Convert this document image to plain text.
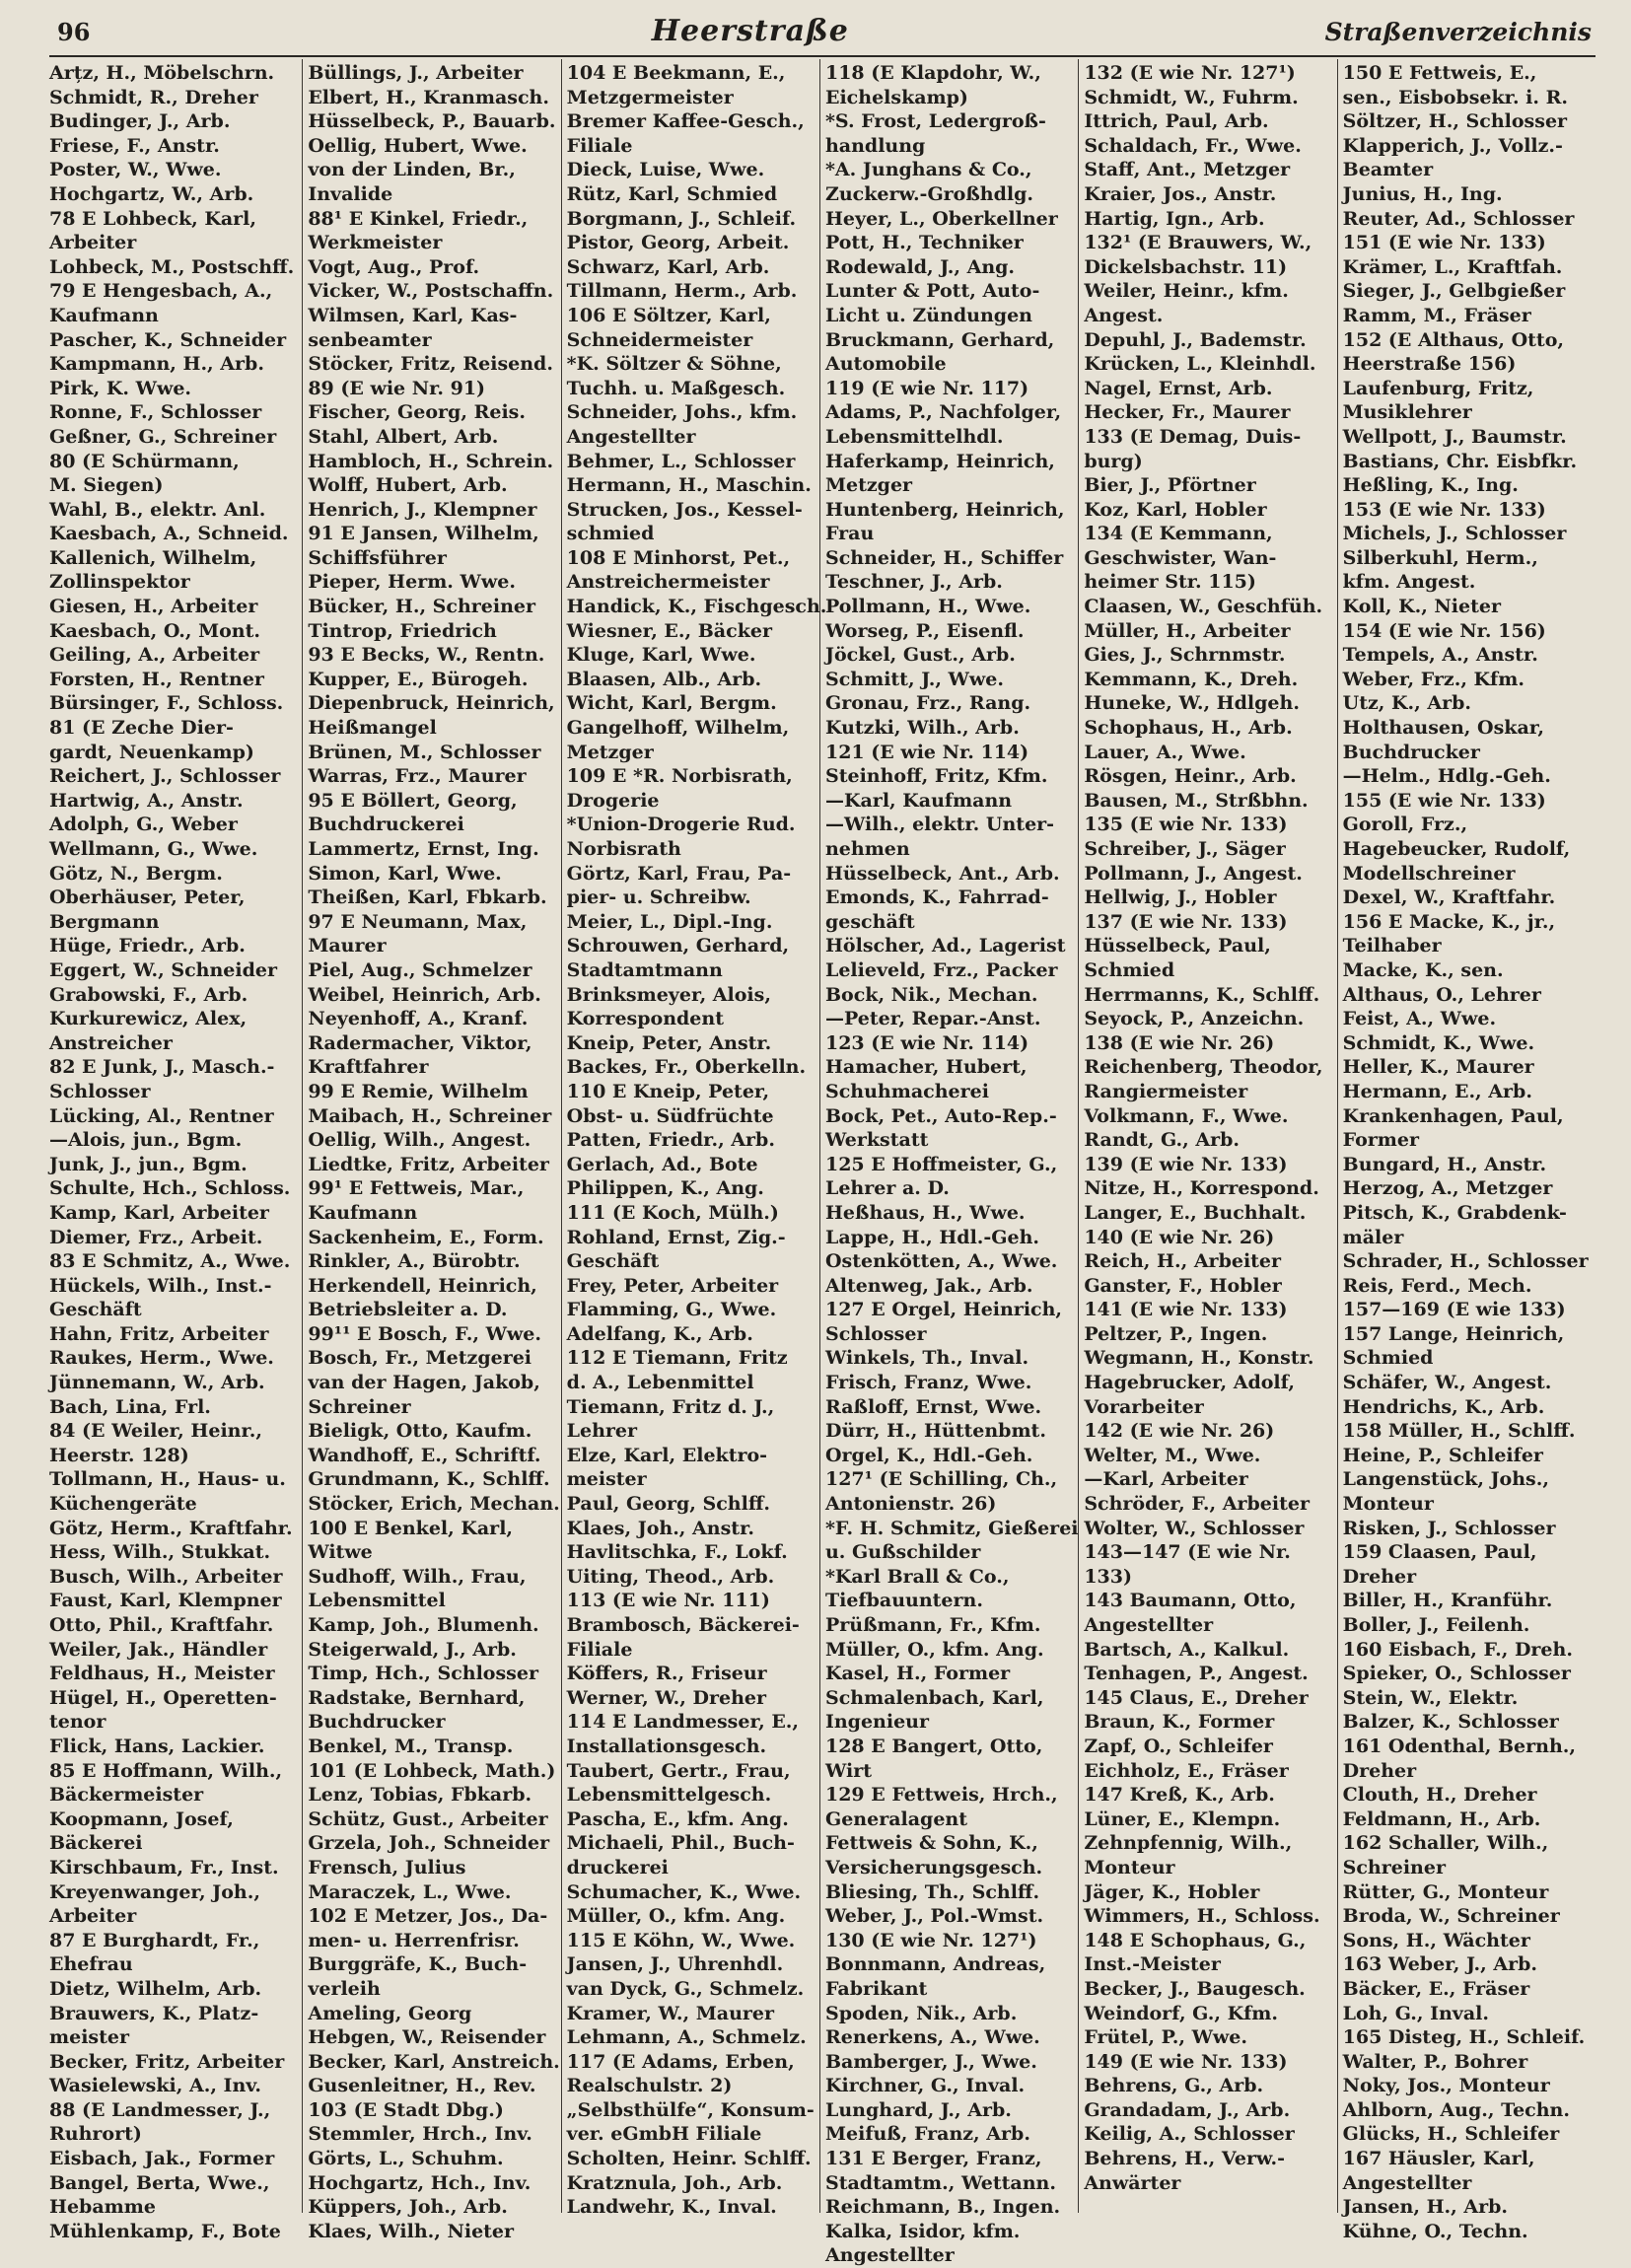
96	Heerstraße	Straßenverzeichnis
Arțz, H., Möbelschrn.
Schmidt, R., Dreher
Budinger, J., Arb.
Friese, F., Anstr.
Poster, W., Wwe.
Hochgartz, W., Arb.
78 E Lohbeck, Karl,
Arbeiter
Lohbeck, M., Postschff.
79 E Hengesbach, A.,
Kaufmann
Pascher, K., Schneider
Kampmann, H., Arb.
Pirk, K. Wwe.
Ronne, F., Schlosser
Geßner, G., Schreiner
80 (E Schürmann,
M. Siegen)
Wahl, B., elektr. Anl.
Kaesbach, A., Schneid.
Kallenich, Wilhelm,
Zollinspektor
Giesen, H., Arbeiter
Kaesbach, O., Mont.
Geiling, A., Arbeiter
Forsten, H., Rentner
Bürsinger, F., Schloss.
81 (E Zeche Dier-
gardt, Neuenkamp)
Reichert, J., Schlosser
Hartwig, A., Anstr.
Adolph, G., Weber
Wellmann, G., Wwe.
Götz, N., Bergm.
Oberhäuser, Peter,
Bergmann
Hüge, Friedr., Arb.
Eggert, W., Schneider
Grabowski, F., Arb.
Kurkurewicz, Alex,
Anstreicher
82 E Junk, J., Masch.-
Schlosser
Lücking, Al., Rentner
—Alois, jun., Bgm.
Junk, J., jun., Bgm.
Schulte, Hch., Schloss.
Kamp, Karl, Arbeiter
Diemer, Frz., Arbeit.
83 E Schmitz, A., Wwe.
Hückels, Wilh., Inst.-
Geschäft
Hahn, Fritz, Arbeiter
Raukes, Herm., Wwe.
Jünnemann, W., Arb.
Bach, Lina, Frl.
84 (E Weiler, Heinr.,
Heerstr. 128)
Tollmann, H., Haus- u.
Küchengeräte
Götz, Herm., Kraftfahr.
Hess, Wilh., Stukkat.
Busch, Wilh., Arbeiter
Faust, Karl, Klempner
Otto, Phil., Kraftfahr.
Weiler, Jak., Händler
Feldhaus, H., Meister
Hügel, H., Operetten-
tenor
Flick, Hans, Lackier.
85 E Hoffmann, Wilh.,
Bäckermeister
Koopmann, Josef,
Bäckerei
Kirschbaum, Fr., Inst.
Kreyenwanger, Joh.,
Arbeiter
87 E Burghardt, Fr.,
Ehefrau
Dietz, Wilhelm, Arb.
Brauwers, K., Platz-
meister
Becker, Fritz, Arbeiter
Wasielewski, A., Inv.
88 (E Landmesser, J.,
Ruhrort)
Eisbach, Jak., Former
Bangel, Berta, Wwe.,
Hebamme
Mühlenkamp, F., Bote
Büllings, J., Arbeiter
Elbert, H., Kranmasch.
Hüsselbeck, P., Bauarb.
Oellig, Hubert, Wwe.
von der Linden, Br.,
Invalide
88¹ E Kinkel, Friedr.,
Werkmeister
Vogt, Aug., Prof.
Vicker, W., Postschaffn.
Wilmsen, Karl, Kas-
senbeamter
Stöcker, Fritz, Reisend.
89 (E wie Nr. 91)
Fischer, Georg, Reis.
Stahl, Albert, Arb.
Hambloch, H., Schrein.
Wolff, Hubert, Arb.
Henrich, J., Klempner
91 E Jansen, Wilhelm,
Schiffsführer
Pieper, Herm. Wwe.
Bücker, H., Schreiner
Tintrop, Friedrich
93 E Becks, W., Rentn.
Kupper, E., Bürogeh.
Diepenbruck, Heinrich,
Heißmangel
Brünen, M., Schlosser
Warras, Frz., Maurer
95 E Böllert, Georg,
Buchdruckerei
Lammertz, Ernst, Ing.
Simon, Karl, Wwe.
Theißen, Karl, Fbkarb.
97 E Neumann, Max,
Maurer
Piel, Aug., Schmelzer
Weibel, Heinrich, Arb.
Neyenhoff, A., Kranf.
Radermacher, Viktor,
Kraftfahrer
99 E Remie, Wilhelm
Maibach, H., Schreiner
Oellig, Wilh., Angest.
Liedtke, Fritz, Arbeiter
99¹ E Fettweis, Mar.,
Kaufmann
Sackenheim, E., Form.
Rinkler, A., Bürobtr.
Herkendell, Heinrich,
Betriebsleiter a. D.
99¹¹ E Bosch, F., Wwe.
Bosch, Fr., Metzgerei
van der Hagen, Jakob,
Schreiner
Bieligk, Otto, Kaufm.
Wandhoff, E., Schriftf.
Grundmann, K., Schlff.
Stöcker, Erich, Mechan.
100 E Benkel, Karl,
Witwe
Sudhoff, Wilh., Frau,
Lebensmittel
Kamp, Joh., Blumenh.
Steigerwald, J., Arb.
Timp, Hch., Schlosser
Radstake, Bernhard,
Buchdrucker
Benkel, M., Transp.
101 (E Lohbeck, Math.)
Lenz, Tobias, Fbkarb.
Schütz, Gust., Arbeiter
Grzela, Joh., Schneider
Frensch, Julius
Maraczek, L., Wwe.
102 E Metzer, Jos., Da-
men- u. Herrenfrisr.
Burggräfe, K., Buch-
verleih
Ameling, Georg
Hebgen, W., Reisender
Becker, Karl, Anstreich.
Gusenleitner, H., Rev.
103 (E Stadt Dbg.)
Stemmler, Hrch., Inv.
Görts, L., Schuhm.
Hochgartz, Hch., Inv.
Küppers, Joh., Arb.
Klaes, Wilh., Nieter
104 E Beekmann, E.,
Metzgermeister
Bremer Kaffee-Gesch.,
Filiale
Dieck, Luise, Wwe.
Rütz, Karl, Schmied
Borgmann, J., Schleif.
Pistor, Georg, Arbeit.
Schwarz, Karl, Arb.
Tillmann, Herm., Arb.
106 E Söltzer, Karl,
Schneidermeister
*K. Söltzer & Söhne,
Tuchh. u. Maßgesch.
Schneider, Johs., kfm.
Angestellter
Behmer, L., Schlosser
Hermann, H., Maschin.
Strucken, Jos., Kessel-
schmied
108 E Minhorst, Pet.,
Anstreichermeister
Handick, K., Fischgesch.
Wiesner, E., Bäcker
Kluge, Karl, Wwe.
Blaasen, Alb., Arb.
Wicht, Karl, Bergm.
Gangelhoff, Wilhelm,
Metzger
109 E *R. Norbisrath,
Drogerie
*Union-Drogerie Rud.
Norbisrath
Görtz, Karl, Frau, Pa-
pier- u. Schreibw.
Meier, L., Dipl.-Ing.
Schrouwen, Gerhard,
Stadtamtmann
Brinksmeyer, Alois,
Korrespondent
Kneip, Peter, Anstr.
Backes, Fr., Oberkelln.
110 E Kneip, Peter,
Obst- u. Südfrüchte
Patten, Friedr., Arb.
Gerlach, Ad., Bote
Philippen, K., Ang.
111 (E Koch, Mülh.)
Rohland, Ernst, Zig.-
Geschäft
Frey, Peter, Arbeiter
Flamming, G., Wwe.
Adelfang, K., Arb.
112 E Tiemann, Fritz
d. A., Lebenmittel
Tiemann, Fritz d. J.,
Lehrer
Elze, Karl, Elektro-
meister
Paul, Georg, Schlff.
Klaes, Joh., Anstr.
Havlitschka, F., Lokf.
Uiting, Theod., Arb.
113 (E wie Nr. 111)
Brambosch, Bäckerei-
Filiale
Köffers, R., Friseur
Werner, W., Dreher
114 E Landmesser, E.,
Installationsgesch.
Taubert, Gertr., Frau,
Lebensmittelgesch.
Pascha, E., kfm. Ang.
Michaeli, Phil., Buch-
druckerei
Schumacher, K., Wwe.
Müller, O., kfm. Ang.
115 E Köhn, W., Wwe.
Jansen, J., Uhrenhdl.
van Dyck, G., Schmelz.
Kramer, W., Maurer
Lehmann, A., Schmelz.
117 (E Adams, Erben,
Realschulstr. 2)
„Selbsthülfe“, Konsum-
ver. eGmbH Filiale
Scholten, Heinr. Schlff.
Kratznula, Joh., Arb.
Landwehr, K., Inval.
118 (E Klapdohr, W.,
Eichelskamp)
*S. Frost, Ledergroß-
handlung
*A. Junghans & Co.,
Zuckerw.-Großhdlg.
Heyer, L., Oberkellner
Pott, H., Techniker
Rodewald, J., Ang.
Lunter & Pott, Auto-
Licht u. Zündungen
Bruckmann, Gerhard,
Automobile
119 (E wie Nr. 117)
Adams, P., Nachfolger,
Lebensmittelhdl.
Haferkamp, Heinrich,
Metzger
Huntenberg, Heinrich,
Frau
Schneider, H., Schiffer
Teschner, J., Arb.
Pollmann, H., Wwe.
Worseg, P., Eisenfl.
Jöckel, Gust., Arb.
Schmitt, J., Wwe.
Gronau, Frz., Rang.
Kutzki, Wilh., Arb.
121 (E wie Nr. 114)
Steinhoff, Fritz, Kfm.
—Karl, Kaufmann
—Wilh., elektr. Unter-
nehmen
Hüsselbeck, Ant., Arb.
Emonds, K., Fahrrad-
geschäft
Hölscher, Ad., Lagerist
Lelieveld, Frz., Packer
Bock, Nik., Mechan.
—Peter, Repar.-Anst.
123 (E wie Nr. 114)
Hamacher, Hubert,
Schuhmacherei
Bock, Pet., Auto-Rep.-
Werkstatt
125 E Hoffmeister, G.,
Lehrer a. D.
Heßhaus, H., Wwe.
Lappe, H., Hdl.-Geh.
Ostenkötten, A., Wwe.
Altenweg, Jak., Arb.
127 E Orgel, Heinrich,
Schlosser
Winkels, Th., Inval.
Frisch, Franz, Wwe.
Raßloff, Ernst, Wwe.
Dürr, H., Hüttenbmt.
Orgel, K., Hdl.-Geh.
127¹ (E Schilling, Ch.,
Antonienstr. 26)
*F. H. Schmitz, Gießerei
u. Gußschilder
*Karl Brall & Co.,
Tiefbauuntern.
Prüßmann, Fr., Kfm.
Müller, O., kfm. Ang.
Kasel, H., Former
Schmalenbach, Karl,
Ingenieur
128 E Bangert, Otto,
Wirt
129 E Fettweis, Hrch.,
Generalagent
Fettweis & Sohn, K.,
Versicherungsgesch.
Bliesing, Th., Schlff.
Weber, J., Pol.-Wmst.
130 (E wie Nr. 127¹)
Bonnmann, Andreas,
Fabrikant
Spoden, Nik., Arb.
Renerkens, A., Wwe.
Bamberger, J., Wwe.
Kirchner, G., Inval.
Lunghard, J., Arb.
Meifuß, Franz, Arb.
131 E Berger, Franz,
Stadtamtm., Wettann.
Reichmann, B., Ingen.
Kalka, Isidor, kfm.
Angestellter
132 (E wie Nr. 127¹)
Schmidt, W., Fuhrm.
Ittrich, Paul, Arb.
Schaldach, Fr., Wwe.
Staff, Ant., Metzger
Kraier, Jos., Anstr.
Hartig, Ign., Arb.
132¹ (E Brauwers, W.,
Dickelsbachstr. 11)
Weiler, Heinr., kfm.
Angest.
Depuhl, J., Bademstr.
Krücken, L., Kleinhdl.
Nagel, Ernst, Arb.
Hecker, Fr., Maurer
133 (E Demag, Duis-
burg)
Bier, J., Pförtner
Koz, Karl, Hobler
134 (E Kemmann,
Geschwister, Wan-
heimer Str. 115)
Claasen, W., Geschfüh.
Müller, H., Arbeiter
Gies, J., Schrnmstr.
Kemmann, K., Dreh.
Huneke, W., Hdlgeh.
Schophaus, H., Arb.
Lauer, A., Wwe.
Rösgen, Heinr., Arb.
Bausen, M., Strßbhn.
135 (E wie Nr. 133)
Schreiber, J., Säger
Pollmann, J., Angest.
Hellwig, J., Hobler
137 (E wie Nr. 133)
Hüsselbeck, Paul,
Schmied
Herrmanns, K., Schlff.
Seyock, P., Anzeichn.
138 (E wie Nr. 26)
Reichenberg, Theodor,
Rangiermeister
Volkmann, F., Wwe.
Randt, G., Arb.
139 (E wie Nr. 133)
Nitze, H., Korrespond.
Langer, E., Buchhalt.
140 (E wie Nr. 26)
Reich, H., Arbeiter
Ganster, F., Hobler
141 (E wie Nr. 133)
Peltzer, P., Ingen.
Wegmann, H., Konstr.
Hagebrucker, Adolf,
Vorarbeiter
142 (E wie Nr. 26)
Welter, M., Wwe.
—Karl, Arbeiter
Schröder, F., Arbeiter
Wolter, W., Schlosser
143—147 (E wie Nr.
133)
143 Baumann, Otto,
Angestellter
Bartsch, A., Kalkul.
Tenhagen, P., Angest.
145 Claus, E., Dreher
Braun, K., Former
Zapf, O., Schleifer
Eichholz, E., Fräser
147 Kreß, K., Arb.
Lüner, E., Klempn.
Zehnpfennig, Wilh.,
Monteur
Jäger, K., Hobler
Wimmers, H., Schloss.
148 E Schophaus, G.,
Inst.-Meister
Becker, J., Baugesch.
Weindorf, G., Kfm.
Frütel, P., Wwe.
149 (E wie Nr. 133)
Behrens, G., Arb.
Grandadam, J., Arb.
Keilig, A., Schlosser
Behrens, H., Verw.-
Anwärter
150 E Fettweis, E.,
sen., Eisbobsekr. i. R.
Söltzer, H., Schlosser
Klapperich, J., Vollz.-
Beamter
Junius, H., Ing.
Reuter, Ad., Schlosser
151 (E wie Nr. 133)
Krämer, L., Kraftfah.
Sieger, J., Gelbgießer
Ramm, M., Fräser
152 (E Althaus, Otto,
Heerstraße 156)
Laufenburg, Fritz,
Musiklehrer
Wellpott, J., Baumstr.
Bastians, Chr. Eisbfkr.
Heßling, K., Ing.
153 (E wie Nr. 133)
Michels, J., Schlosser
Silberkuhl, Herm.,
kfm. Angest.
Koll, K., Nieter
154 (E wie Nr. 156)
Tempels, A., Anstr.
Weber, Frz., Kfm.
Utz, K., Arb.
Holthausen, Oskar,
Buchdrucker
—Helm., Hdlg.-Geh.
155 (E wie Nr. 133)
Goroll, Frz.,
Hagebeucker, Rudolf,
Modellschreiner
Dexel, W., Kraftfahr.
156 E Macke, K., jr.,
Teilhaber
Macke, K., sen.
Althaus, O., Lehrer
Feist, A., Wwe.
Schmidt, K., Wwe.
Heller, K., Maurer
Hermann, E., Arb.
Krankenhagen, Paul,
Former
Bungard, H., Anstr.
Herzog, A., Metzger
Pitsch, K., Grabdenk-
mäler
Schrader, H., Schlosser
Reis, Ferd., Mech.
157—169 (E wie 133)
157 Lange, Heinrich,
Schmied
Schäfer, W., Angest.
Hendrichs, K., Arb.
158 Müller, H., Schlff.
Heine, P., Schleifer
Langenstück, Johs.,
Monteur
Risken, J., Schlosser
159 Claasen, Paul,
Dreher
Biller, H., Kranführ.
Boller, J., Feilenh.
160 Eisbach, F., Dreh.
Spieker, O., Schlosser
Stein, W., Elektr.
Balzer, K., Schlosser
161 Odenthal, Bernh.,
Dreher
Clouth, H., Dreher
Feldmann, H., Arb.
162 Schaller, Wilh.,
Schreiner
Rütter, G., Monteur
Broda, W., Schreiner
Sons, H., Wächter
163 Weber, J., Arb.
Bäcker, E., Fräser
Loh, G., Inval.
165 Disteg, H., Schleif.
Walter, P., Bohrer
Noky, Jos., Monteur
Ahlborn, Aug., Techn.
Glücks, H., Schleifer
167 Häusler, Karl,
Angestellter
Jansen, H., Arb.
Kühne, O., Techn.
